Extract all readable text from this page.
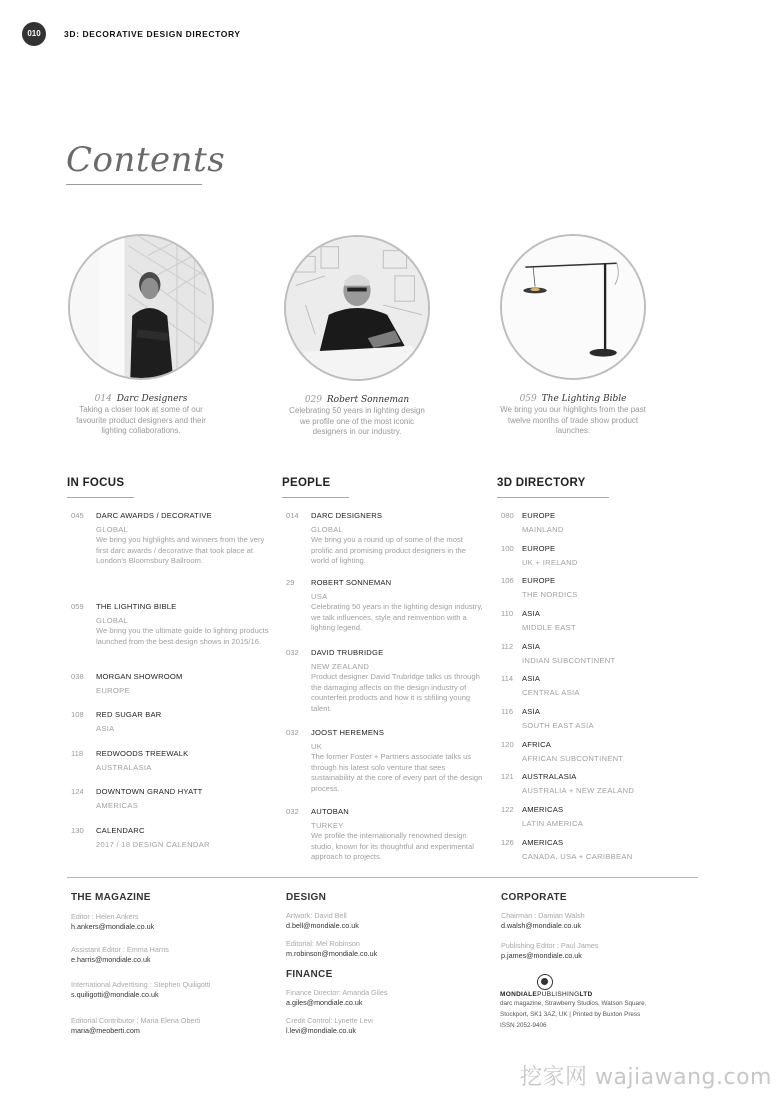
010	3D: DECORATIVE DESIGN DIRECTORY
Contents
014 Darc Designers
Taking a closer look at some of our favourite product designers and their lighting collaborations.
029 Robert Sonneman
Celebrating 50 years in lighting design we profile one of the most iconic designers in our industry.
059 The Lighting Bible
We bring you our highlights from the past twelve months of trade show product launches.
IN FOCUS	PEOPLE	3D DIRECTORY
045 DARC AWARDS / DECORATIVE
GLOBAL
We bring you highlights and winners from the very first darc awards / decorative that took place at London's Bloomsbury Ballroom.
059 THE LIGHTING BIBLE
GLOBAL
We bring you the ultimate guide to lighting products launched from the best design shows in 2015/16.
038 MORGAN SHOWROOM
EUROPE
108 RED SUGAR BAR
ASIA
118 REDWOODS TREEWALK
AUSTRALASIA
124 DOWNTOWN GRAND HYATT
AMERICAS
130 CALENDARC
2017 / 18 DESIGN CALENDAR
014 DARC DESIGNERS
GLOBAL
We bring you a round up of some of the most prolific and promising product designers in the world of lighting.
29 ROBERT SONNEMAN
USA
Celebrating 50 years in the lighting design industry, we talk influences, style and reinvention with a lighting legend.
032 DAVID TRUBRIDGE
NEW ZEALAND
Product designer David Trubridge talks us through the damaging affects on the design industry of counterfeit products and how it is stifiling young talent.
032 JOOST HEREMENS
UK
The former Foster + Partners associate talks us through his latest solo venture that sees sustainability at the core of every part of the design process.
032 AUTOBAN
TURKEY
We profile the internationally renowned design studio, known for its thoughtful and experimental approach to projects.
080 EUROPE
MAINLAND
100 EUROPE
UK + IRELAND
106 EUROPE
THE NORDICS
110 ASIA
MIDDLE EAST
112 ASIA
INDIAN SUBCONTINENT
114 ASIA
CENTRAL ASIA
116 ASIA
SOUTH EAST ASIA
120 AFRICA
AFRICAN SUBCONTINENT
121 AUSTRALASIA
AUSTRALIA + NEW ZEALAND
122 AMERICAS
LATIN AMERICA
126 AMERICAS
CANADA, USA + CARIBBEAN
THE MAGAZINE
Editor : Helen Ankers
h.ankers@mondiale.co.uk
Assistant Editor : Emma Harris
e.harris@mondiale.co.uk
International Advertising : Stephen Quiligotti
s.quiligotti@mondiale.co.uk
Editorial Contributor : Maria Elena Oberti
maria@meoberti.com
DESIGN
Artwork: David Bell
d.bell@mondiale.co.uk
Editorial: Mel Robinson
m.robinson@mondiale.co.uk
FINANCE
Finance Director: Amanda Giles
a.giles@mondiale.co.uk
Credit Control: Lynette Levi
l.levi@mondiale.co.uk
CORPORATE
Chairman : Damian Walsh
d.walsh@mondiale.co.uk
Publishing Editor : Paul James
p.james@mondiale.co.uk
MONDIALEPUBLISHINGLTD
darc magazine, Strawberry Studios, Watson Square,
Stockport, SK1 3AZ, UK | Printed by Buxton Press
ISSN 2052-9406
挖家网 wajiawang.com
